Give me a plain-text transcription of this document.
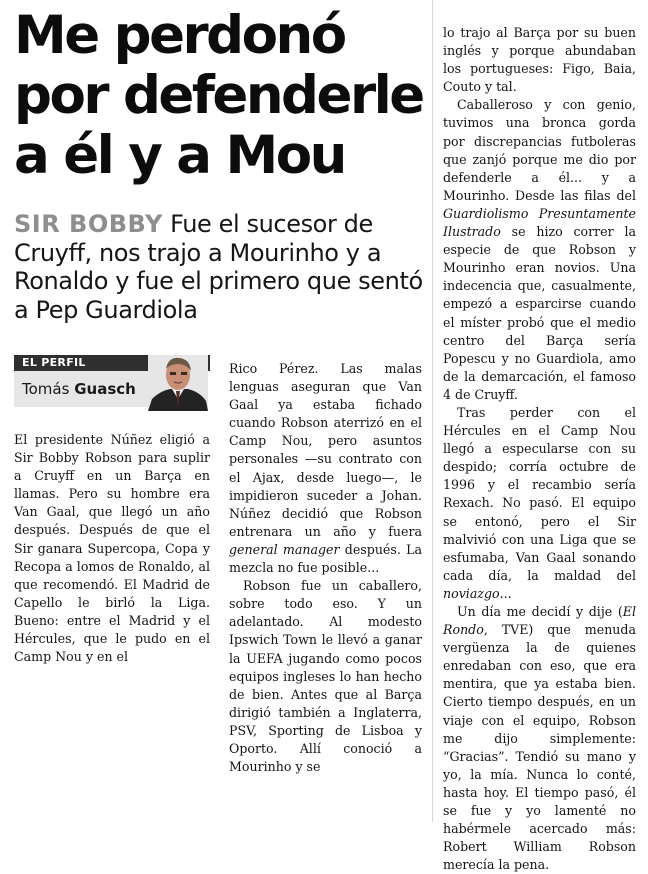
Me perdonó
por defenderle
a él y a Mou
SIR BOBBY Fue el sucesor de Cruyff, nos trajo a Mourinho y a Ronaldo y fue el primero que sentó a Pep Guardiola
EL PERFIL
Tomás Guasch

El presidente Núñez eligió a Sir Bobby Robson para suplir a Cruyff en un Barça en llamas. Pero su hombre era Van Gaal, que llegó un año después. Después de que el Sir ganara Supercopa, Copa y Recopa a lomos de Ronaldo, al que recomendó. El Madrid de Capello le birló la Liga. Bueno: entre el Madrid y el Hércules, que le pudo en el Camp Nou y en el

Rico Pérez. Las malas lenguas aseguran que Van Gaal ya estaba fichado cuando Robson aterrizó en el Camp Nou, pero asuntos personales —su contrato con el Ajax, desde luego—, le impidieron suceder a Johan. Núñez decidió que Robson entrenara un año y fuera general manager después. La mezcla no fue posible...

Robson fue un caballero, sobre todo eso. Y un adelantado. Al modesto Ipswich Town le llevó a ganar la UEFA jugando como pocos equipos ingleses lo han hecho de bien. Antes que al Barça dirigió también a Inglaterra, PSV, Sporting de Lisboa y Oporto. Allí conoció a Mourinho y se

lo trajo al Barça por su buen inglés y porque abundaban los portugueses: Figo, Baia, Couto y tal.

Caballeroso y con genio, tuvimos una bronca gorda por discrepancias futboleras que zanjó porque me dio por defenderle a él... y a Mourinho. Desde las filas del Guardiolismo Presuntamente Ilustrado se hizo correr la especie de que Robson y Mourinho eran novios. Una indecencia que, casualmente, empezó a esparcirse cuando el míster probó que el medio centro del Barça sería Popescu y no Guardiola, amo de la demarcación, el famoso 4 de Cruyff.

Tras perder con el Hércules en el Camp Nou llegó a especularse con su despido; corría octubre de 1996 y el recambio sería Rexach. No pasó. El equipo se entonó, pero el Sir malvivió con una Liga que se esfumaba, Van Gaal sonando cada día, la maldad del noviazgo...

Un día me decidí y dije (El Rondo, TVE) que menuda vergüenza la de quienes enredaban con eso, que era mentira, que ya estaba bien. Cierto tiempo después, en un viaje con el equipo, Robson me dijo simplemente: “Gracias”. Tendió su mano y yo, la mía. Nunca lo conté, hasta hoy. El tiempo pasó, él se fue y yo lamenté no habérmele acercado más: Robert William Robson merecía la pena.
